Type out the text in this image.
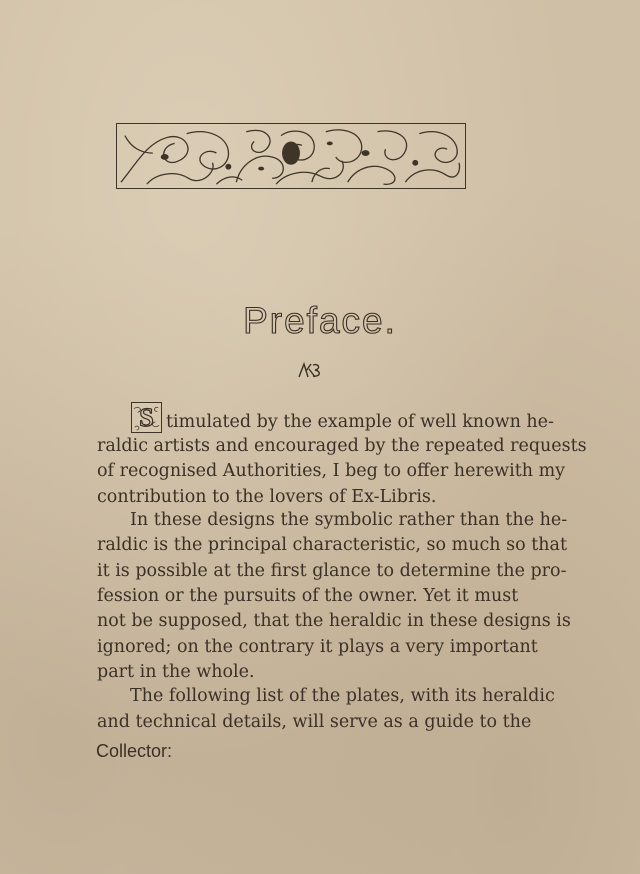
Preface.
S timulated by the example of well known he-
raldic artists and encouraged by the repeated requests
of recognised Authorities, I beg to offer herewith my
contribution to the lovers of Ex-Libris.
In these designs the symbolic rather than the he-
raldic is the principal characteristic, so much so that
it is possible at the first glance to determine the pro-
fession or the pursuits of the owner. Yet it must
not be supposed, that the heraldic in these designs is
ignored; on the contrary it plays a very important
part in the whole.
The following list of the plates, with its heraldic
and technical details, will serve as a guide to the
Collector:
